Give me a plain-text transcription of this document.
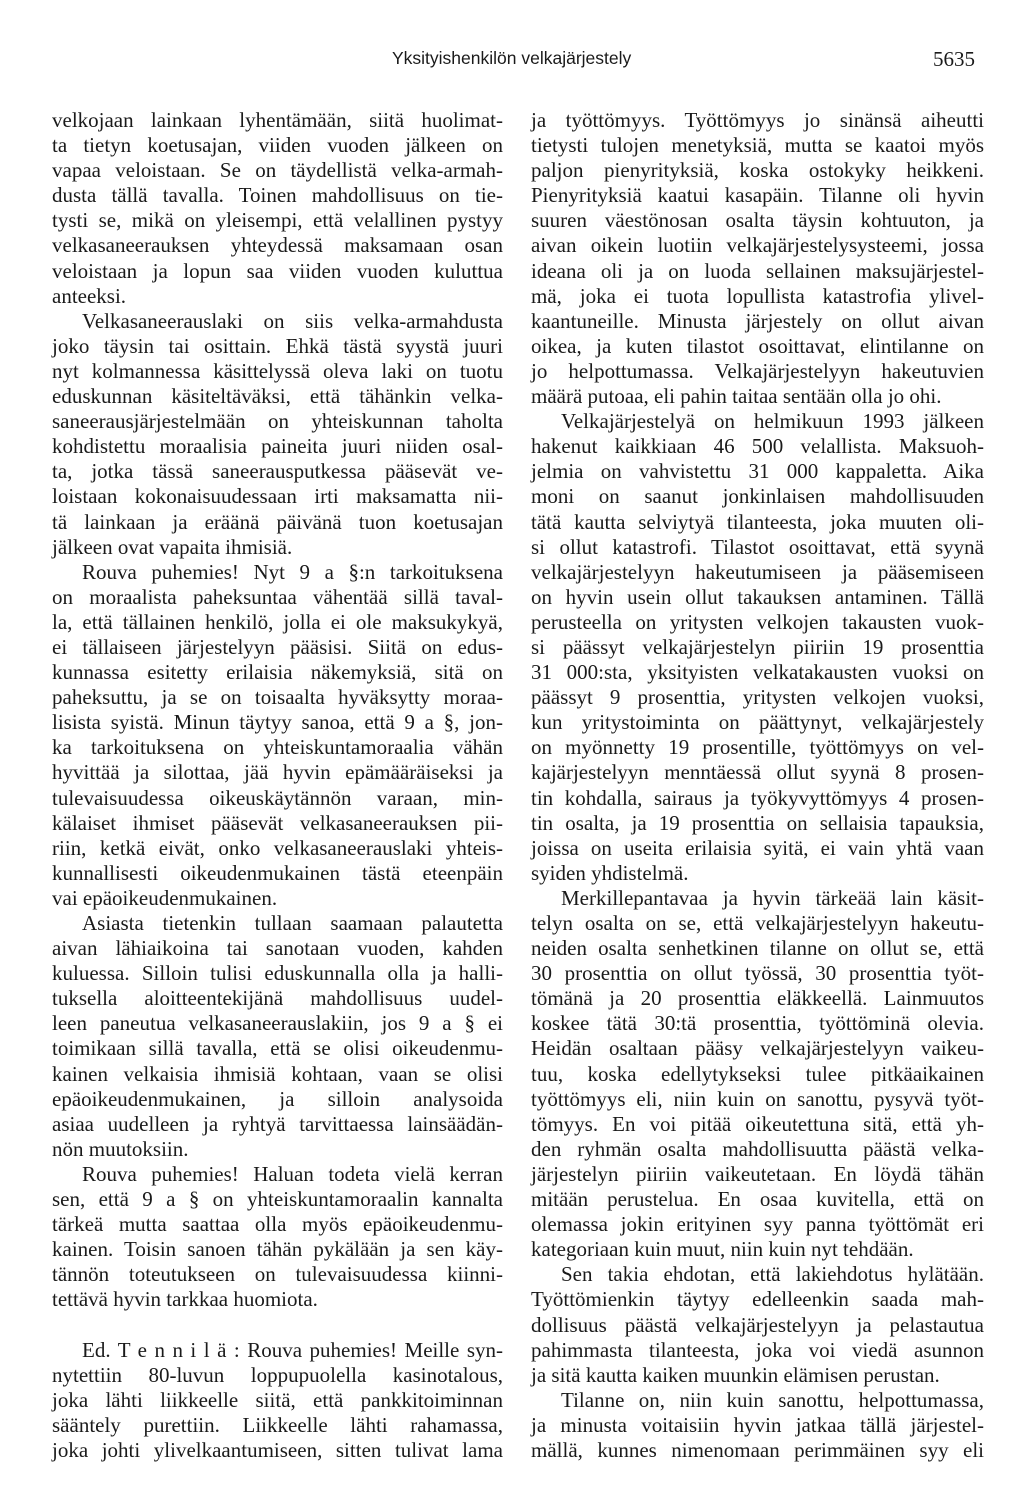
Yksityishenkilön velkajärjestely	5635
velkojaan lainkaan lyhentämään, siitä huolimat-
ta tietyn koetusajan, viiden vuoden jälkeen on
vapaa veloistaan. Se on täydellistä velka-armah-
dusta tällä tavalla. Toinen mahdollisuus on tie-
tysti se, mikä on yleisempi, että velallinen pystyy
velkasaneerauksen yhteydessä maksamaan osan
veloistaan ja lopun saa viiden vuoden kuluttua
anteeksi.
Velkasaneerauslaki on siis velka-armahdusta
joko täysin tai osittain. Ehkä tästä syystä juuri
nyt kolmannessa käsittelyssä oleva laki on tuotu
eduskunnan käsiteltäväksi, että tähänkin velka-
saneerausjärjestelmään on yhteiskunnan taholta
kohdistettu moraalisia paineita juuri niiden osal-
ta, jotka tässä saneerausputkessa pääsevät ve-
loistaan kokonaisuudessaan irti maksamatta nii-
tä lainkaan ja eräänä päivänä tuon koetusajan
jälkeen ovat vapaita ihmisiä.
Rouva puhemies! Nyt 9 a §:n tarkoituksena
on moraalista paheksuntaa vähentää sillä taval-
la, että tällainen henkilö, jolla ei ole maksukykyä,
ei tällaiseen järjestelyyn pääsisi. Siitä on edus-
kunnassa esitetty erilaisia näkemyksiä, sitä on
paheksuttu, ja se on toisaalta hyväksytty moraa-
lisista syistä. Minun täytyy sanoa, että 9 a §, jon-
ka tarkoituksena on yhteiskuntamoraalia vähän
hyvittää ja silottaa, jää hyvin epämääräiseksi ja
tulevaisuudessa oikeuskäytännön varaan, min-
kälaiset ihmiset pääsevät velkasaneerauksen pii-
riin, ketkä eivät, onko velkasaneerauslaki yhteis-
kunnallisesti oikeudenmukainen tästä eteenpäin
vai epäoikeudenmukainen.
Asiasta tietenkin tullaan saamaan palautetta
aivan lähiaikoina tai sanotaan vuoden, kahden
kuluessa. Silloin tulisi eduskunnalla olla ja halli-
tuksella aloitteentekijänä mahdollisuus uudel-
leen paneutua velkasaneerauslakiin, jos 9 a § ei
toimikaan sillä tavalla, että se olisi oikeudenmu-
kainen velkaisia ihmisiä kohtaan, vaan se olisi
epäoikeudenmukainen, ja silloin analysoida
asiaa uudelleen ja ryhtyä tarvittaessa lainsäädän-
nön muutoksiin.
Rouva puhemies! Haluan todeta vielä kerran
sen, että 9 a § on yhteiskuntamoraalin kannalta
tärkeä mutta saattaa olla myös epäoikeudenmu-
kainen. Toisin sanoen tähän pykälään ja sen käy-
tännön toteutukseen on tulevaisuudessa kiinni-
tettävä hyvin tarkkaa huomiota.
Ed. T e n n i l ä : Rouva puhemies! Meille syn-
nytettiin 80-luvun loppupuolella kasinotalous,
joka lähti liikkeelle siitä, että pankkitoiminnan
sääntely purettiin. Liikkeelle lähti rahamassa,
joka johti ylivelkaantumiseen, sitten tulivat lama
ja työttömyys. Työttömyys jo sinänsä aiheutti
tietysti tulojen menetyksiä, mutta se kaatoi myös
paljon pienyrityksiä, koska ostokyky heikkeni.
Pienyrityksiä kaatui kasapäin. Tilanne oli hyvin
suuren väestönosan osalta täysin kohtuuton, ja
aivan oikein luotiin velkajärjestelysysteemi, jossa
ideana oli ja on luoda sellainen maksujärjestel-
mä, joka ei tuota lopullista katastrofia ylivel-
kaantuneille. Minusta järjestely on ollut aivan
oikea, ja kuten tilastot osoittavat, elintilanne on
jo helpottumassa. Velkajärjestelyyn hakeutuvien
määrä putoaa, eli pahin taitaa sentään olla jo ohi.
Velkajärjestelyä on helmikuun 1993 jälkeen
hakenut kaikkiaan 46 500 velallista. Maksuoh-
jelmia on vahvistettu 31 000 kappaletta. Aika
moni on saanut jonkinlaisen mahdollisuuden
tätä kautta selviytyä tilanteesta, joka muuten oli-
si ollut katastrofi. Tilastot osoittavat, että syynä
velkajärjestelyyn hakeutumiseen ja pääsemiseen
on hyvin usein ollut takauksen antaminen. Tällä
perusteella on yritysten velkojen takausten vuok-
si päässyt velkajärjestelyn piiriin 19 prosenttia
31 000:sta, yksityisten velkatakausten vuoksi on
päässyt 9 prosenttia, yritysten velkojen vuoksi,
kun yritystoiminta on päättynyt, velkajärjestely
on myönnetty 19 prosentille, työttömyys on vel-
kajärjestelyyn menntäessä ollut syynä 8 prosen-
tin kohdalla, sairaus ja työkyvyttömyys 4 prosen-
tin osalta, ja 19 prosenttia on sellaisia tapauksia,
joissa on useita erilaisia syitä, ei vain yhtä vaan
syiden yhdistelmä.
Merkillepantavaa ja hyvin tärkeää lain käsit-
telyn osalta on se, että velkajärjestelyyn hakeutu-
neiden osalta senhetkinen tilanne on ollut se, että
30 prosenttia on ollut työssä, 30 prosenttia työt-
tömänä ja 20 prosenttia eläkkeellä. Lainmuutos
koskee tätä 30:tä prosenttia, työttöminä olevia.
Heidän osaltaan pääsy velkajärjestelyyn vaikeu-
tuu, koska edellytykseksi tulee pitkäaikainen
työttömyys eli, niin kuin on sanottu, pysyvä työt-
tömyys. En voi pitää oikeutettuna sitä, että yh-
den ryhmän osalta mahdollisuutta päästä velka-
järjestelyn piiriin vaikeutetaan. En löydä tähän
mitään perustelua. En osaa kuvitella, että on
olemassa jokin erityinen syy panna työttömät eri
kategoriaan kuin muut, niin kuin nyt tehdään.
Sen takia ehdotan, että lakiehdotus hylätään.
Työttömienkin täytyy edelleenkin saada mah-
dollisuus päästä velkajärjestelyyn ja pelastautua
pahimmasta tilanteesta, joka voi viedä asunnon
ja sitä kautta kaiken muunkin elämisen perustan.
Tilanne on, niin kuin sanottu, helpottumassa,
ja minusta voitaisiin hyvin jatkaa tällä järjestel-
mällä, kunnes nimenomaan perimmäinen syy eli
